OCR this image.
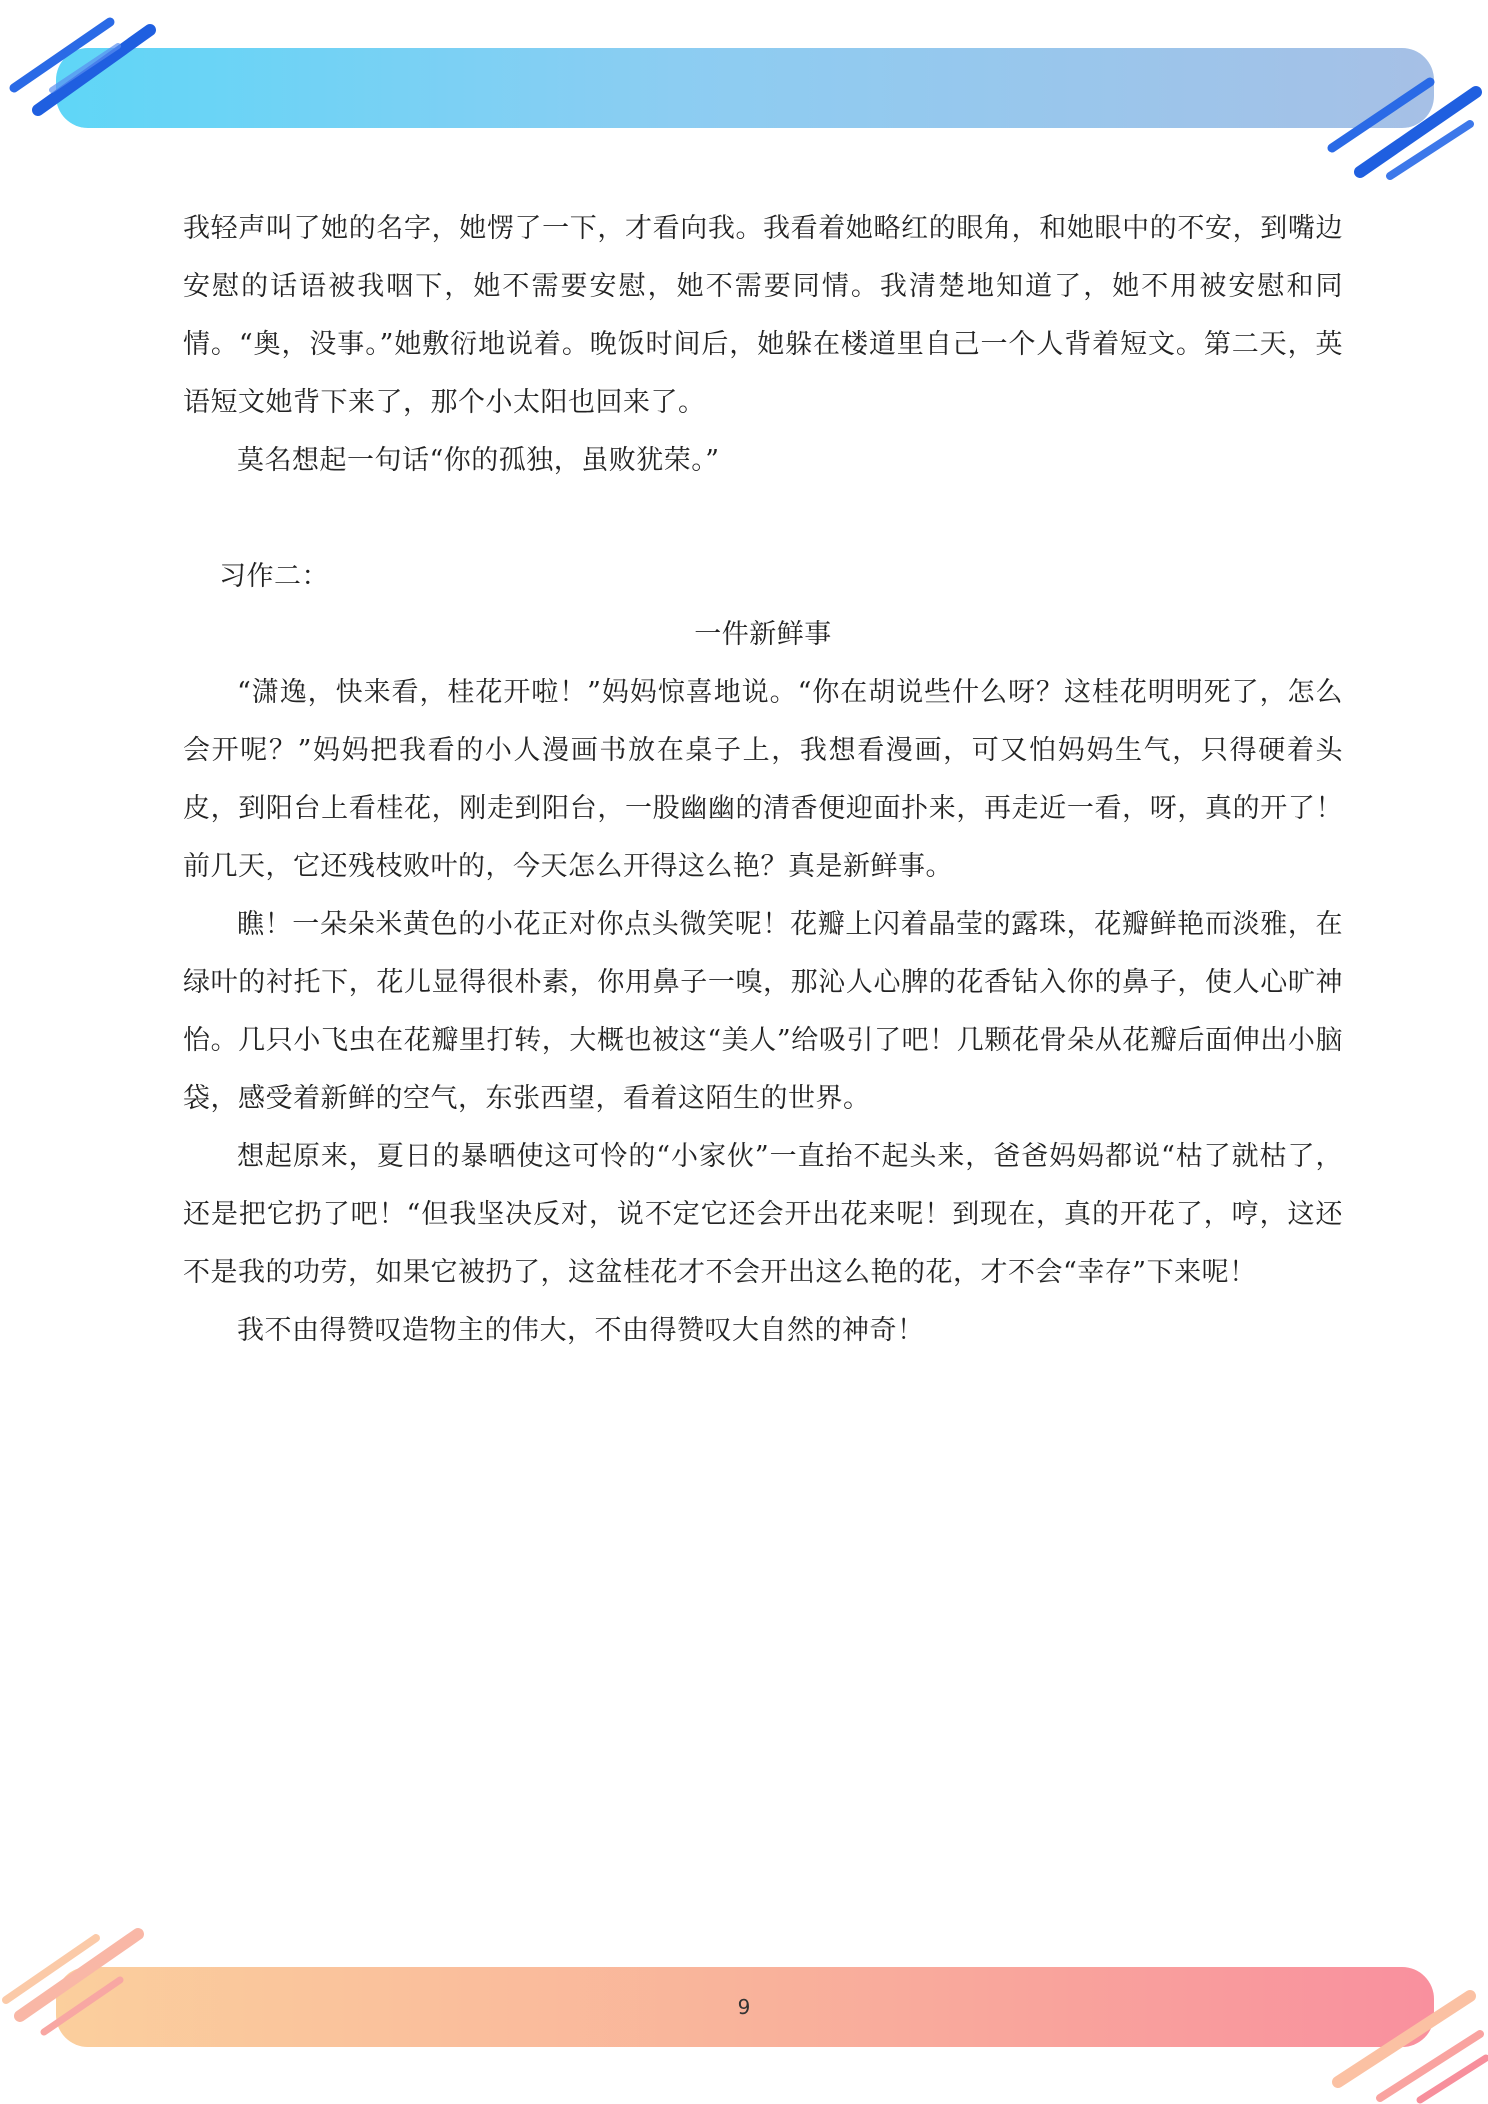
我轻声叫了她的名字，她愣了一下，才看向我。我看着她略红的眼角，和她眼中的不安，到嘴边安慰的话语被我咽下，她不需要安慰，她不需要同情。我清楚地知道了，她不用被安慰和同情。“奥，没事。”她敷衍地说着。晚饭时间后，她躲在楼道里自己一个人背着短文。第二天，英语短文她背下来了，那个小太阳也回来了。

莫名想起一句话“你的孤独，虽败犹荣。”

习作二：

一件新鲜事

“潇逸，快来看，桂花开啦！”妈妈惊喜地说。“你在胡说些什么呀？这桂花明明死了，怎么会开呢？”妈妈把我看的小人漫画书放在桌子上，我想看漫画，可又怕妈妈生气，只得硬着头皮，到阳台上看桂花，刚走到阳台，一股幽幽的清香便迎面扑来，再走近一看，呀，真的开了！前几天，它还残枝败叶的，今天怎么开得这么艳？真是新鲜事。

瞧！一朵朵米黄色的小花正对你点头微笑呢！花瓣上闪着晶莹的露珠，花瓣鲜艳而淡雅，在绿叶的衬托下，花儿显得很朴素，你用鼻子一嗅，那沁人心脾的花香钻入你的鼻子，使人心旷神怡。几只小飞虫在花瓣里打转，大概也被这“美人”给吸引了吧！几颗花骨朵从花瓣后面伸出小脑袋，感受着新鲜的空气，东张西望，看着这陌生的世界。

想起原来，夏日的暴晒使这可怜的“小家伙”一直抬不起头来，爸爸妈妈都说“枯了就枯了，还是把它扔了吧！“但我坚决反对，说不定它还会开出花来呢！到现在，真的开花了，哼，这还不是我的功劳，如果它被扔了，这盆桂花才不会开出这么艳的花，才不会“幸存”下来呢！

我不由得赞叹造物主的伟大，不由得赞叹大自然的神奇！

9
